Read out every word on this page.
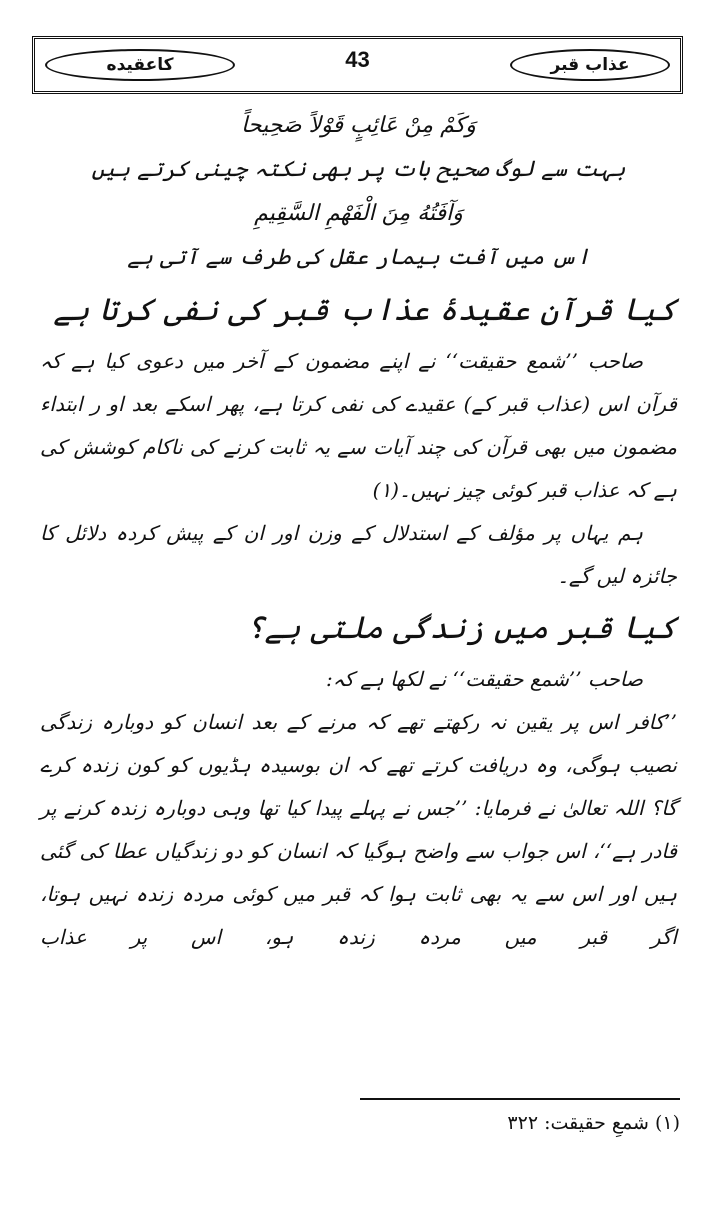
كاعقيده	43	عذاب قبر
وَكَمْ مِنْ عَائِبٍ قَوْلاً صَحِيحاً
بہت سے لوگ صحیح بات پر بھی نکتہ چینی کرتے ہیں
وَآفَتُهُ مِنَ الْفَهْمِ السَّقِيمِ
اس میں آفت بیمار عقل کی طرف سے آتی ہے
کیا قرآن عقیدۂ عذاب قبر کی نفی کرتا ہے
صاحب ’’شمع حقیقت‘‘ نے اپنے مضمون کے آخر میں دعوی کیا ہے کہ قرآن اس (عذاب قبر کے) عقیدے کی نفی کرتا ہے، پھر اسکے بعد او ر ابتداء مضمون میں بھی قرآن کی چند آیات سے یہ ثابت کرنے کی ناکام کوشش کی ہے کہ عذاب قبر کوئی چیز نہیں۔(۱)
ہم یہاں پر مؤلف کے استدلال کے وزن اور ان کے پیش کردہ دلائل کا جائزہ لیں گے۔
کیا قبر میں زندگی ملتی ہے؟
صاحب ’’شمع حقیقت‘‘ نے لکھا ہے کہ:
’’کافر اس پر یقین نہ رکھتے تھے کہ مرنے کے بعد انسان کو دوبارہ زندگی نصیب ہوگی، وہ دریافت کرتے تھے کہ ان بوسیدہ ہڈیوں کو کون زندہ کرے گا؟ اللہ تعالیٰ نے فرمایا: ’’جس نے پہلے پیدا کیا تھا وہی دوبارہ زندہ کرنے پر قادر ہے‘‘، اس جواب سے واضح ہوگیا کہ انسان کو دو زندگیاں عطا کی گئی ہیں اور اس سے یہ بھی ثابت ہوا کہ قبر میں کوئی مردہ زندہ نہیں ہوتا، اگر قبر میں مردہ زندہ ہو، اس پر عذاب
(۱) شمعِ حقیقت: ۳۲۲
